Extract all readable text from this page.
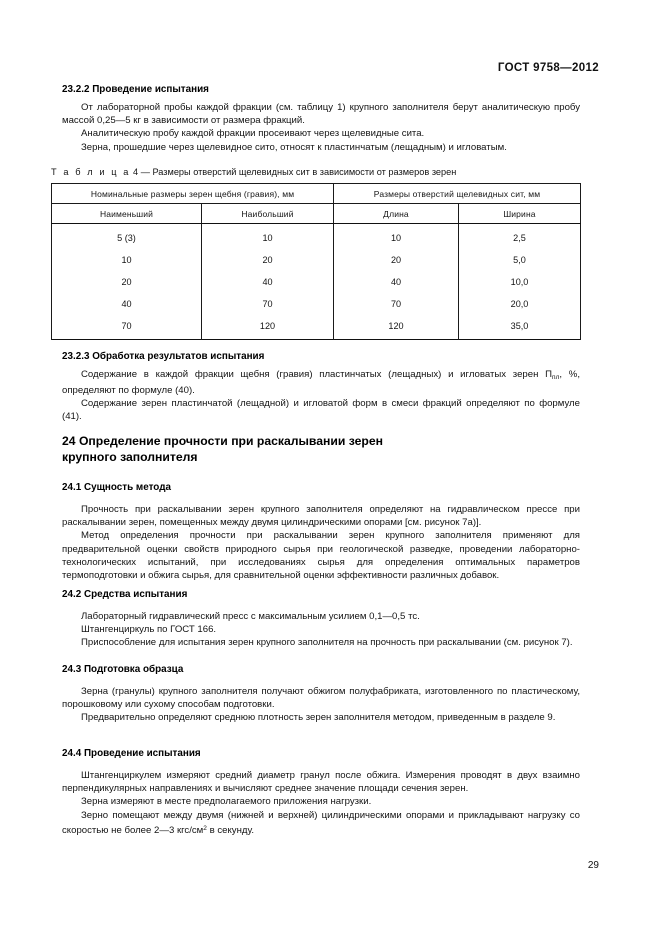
ГОСТ 9758—2012
23.2.2 Проведение испытания

От лабораторной пробы каждой фракции (см. таблицу 1) крупного заполнителя берут аналитическую пробу массой 0,25—5 кг в зависимости от размера фракций.

Аналитическую пробу каждой фракции просеивают через щелевидные сита.

Зерна, прошедшие через щелевидное сито, относят к пластинчатым (лещадным) и игловатым.

Т а б л и ц а 4 — Размеры отверстий щелевидных сит в зависимости от размеров зерен
Номинальные размеры зерен щебня (гравия), мм		Размеры отверстий щелевидных сит, мм	
Наименьший	Наибольший	Длина	Ширина
5 (3)	10	10	2,5
10	20	20	5,0
20	40	40	10,0
40	70	70	20,0
70	120	120	35,0
23.2.3 Обработка результатов испытания

Содержание в каждой фракции щебня (гравия) пластинчатых (лещадных) и игловатых зерен $П_{пл}$, %, определяют по формуле (40).

Содержание зерен пластинчатой (лещадной) и игловатой форм в смеси фракций определяют по формуле (41).

24 Определение прочности при раскалывании зерен
крупного заполнителя
24.1 Сущность метода

Прочность при раскалывании зерен крупного заполнителя определяют на гидравлическом прессе при раскалывании зерен, помещенных между двумя цилиндрическими опорами [см. рисунок 7а)].

Метод определения прочности при раскалывании зерен крупного заполнителя применяют для предварительной оценки свойств природного сырья при геологической разведке, проведении лабораторно-технологических испытаний, при исследованиях сырья для определения оптимальных параметров термоподготовки и обжига сырья, для сравнительной оценки эффективности различных добавок.

24.2 Средства испытания

Лабораторный гидравлический пресс с максимальным усилием 0,1—0,5 тс.

Штангенциркуль по ГОСТ 166.

Приспособление для испытания зерен крупного заполнителя на прочность при раскалывании (см. рисунок 7).

24.3 Подготовка образца

Зерна (гранулы) крупного заполнителя получают обжигом полуфабриката, изготовленного по пластическому, порошковому или сухому способам подготовки.

Предварительно определяют среднюю плотность зерен заполнителя методом, приведенным в разделе 9.

24.4 Проведение испытания

Штангенциркулем измеряют средний диаметр гранул после обжига. Измерения проводят в двух взаимно перпендикулярных направлениях и вычисляют среднее значение площади сечения зерен.

Зерна измеряют в месте предполагаемого приложения нагрузки.

Зерно помещают между двумя (нижней и верхней) цилиндрическими опорами и прикладывают нагрузку со скоростью не более 2—3 кгс/$см^2$ в секунду.

29
